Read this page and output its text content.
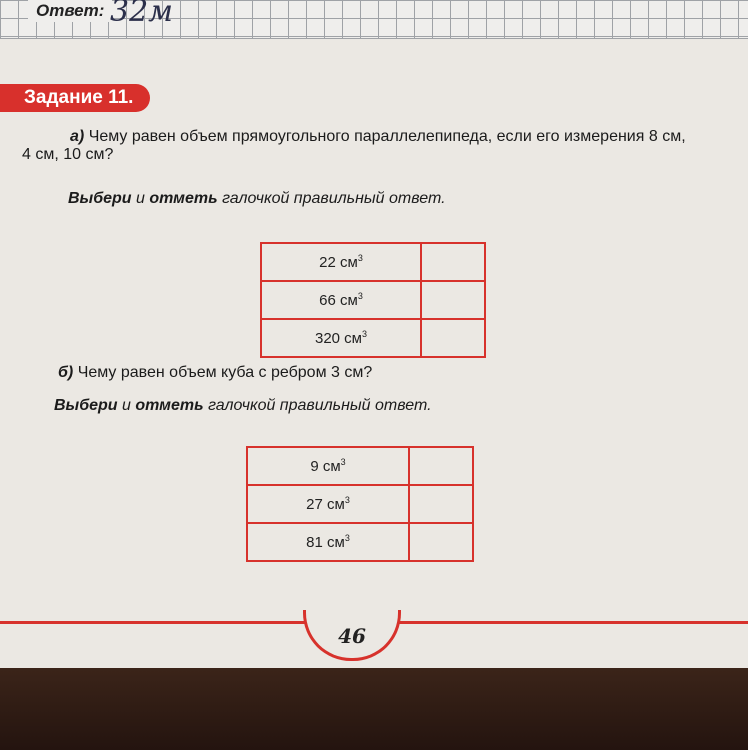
Ответ: 32м
Задание 11.
а) Чему равен объем прямоугольного параллелепипеда, если его измерения 8 см,
4 см, 10 см?
Выбери и отметь галочкой правильный ответ.
22 $см^3$	
66 $см^3$	
320 $см^3$	
б) Чему равен объем куба с ребром 3 см?
Выбери и отметь галочкой правильный ответ.
9 $см^3$	
27 $см^3$	
81 $см^3$	
46
